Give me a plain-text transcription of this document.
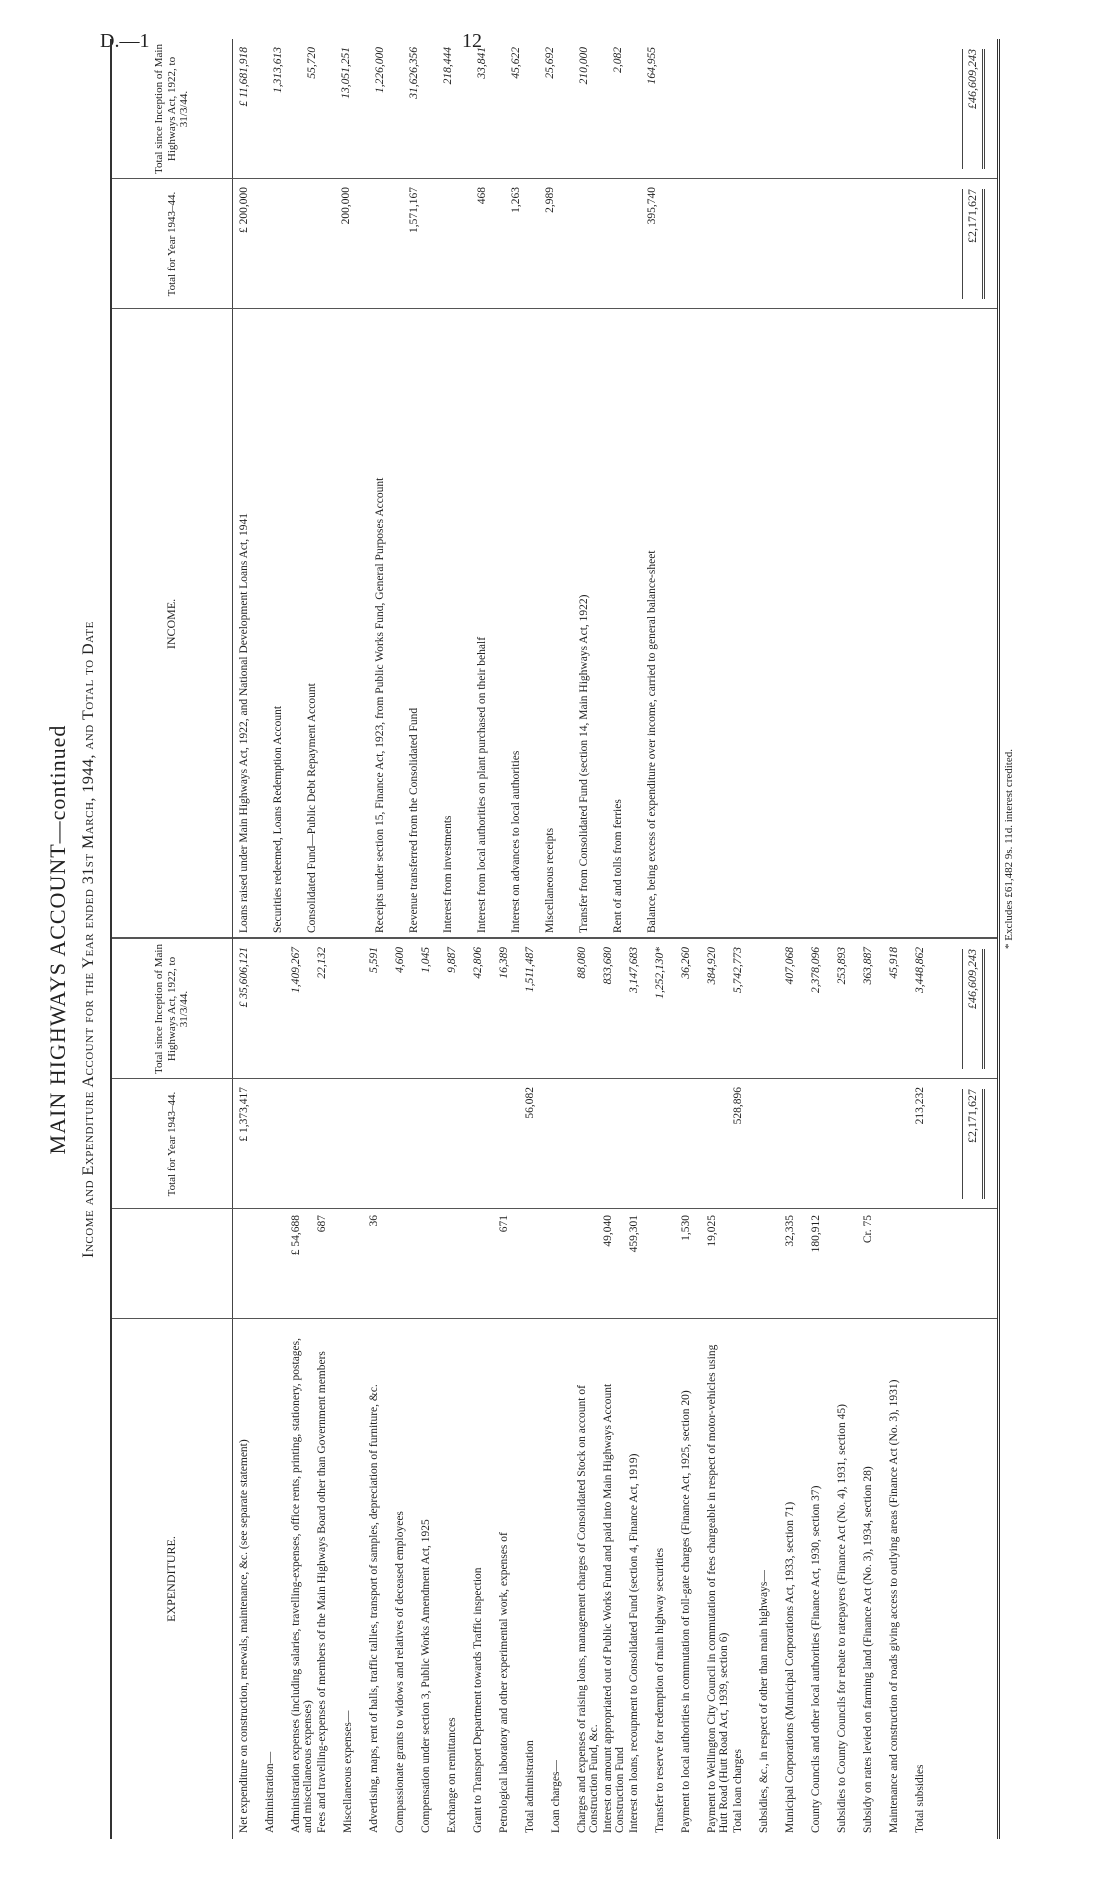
D.—1	12
MAIN HIGHWAYS ACCOUNT—continued Income and Expenditure Account for the Year ended 31st March, 1944, and Total to Date
EXPENDITURE.
Total for Year 1943–44.
Total since Inception of Main Highways Act, 1922, to 31/3/44.
Net expenditure on construction, renewals, maintenance, &c. (see separate statement)
£ 1,373,417
£ 35,606,121
Administration— Administration expenses (including salaries, travelling-expenses, office rents, printing, stationery, postages, and miscellaneous expenses)
£ 54,688
1,409,267
Fees and travelling-expenses of members of the Main Highways Board other than Government members
687
22,132
Miscellaneous expenses— Advertising, maps, rent of halls, traffic tallies, transport of samples, depreciation of furniture, &c.
36
5,591
Compassionate grants to widows and relatives of deceased employees
4,600
Compensation under section 3, Public Works Amendment Act, 1925
1,045
Exchange on remittances
9,887
Grant to Transport Department towards Traffic inspection
42,806
Petrological laboratory and other experimental work, expenses of
671
16,389
Total administration
56,082
1,511,487
Loan charges— Charges and expenses of raising loans, management charges of Consolidated Stock on account of Construction Fund, &c.
88,080
Interest on amount appropriated out of Public Works Fund and paid into Main Highways Account Construction Fund
49,040
833,680
Interest on loans, recoupment to Consolidated Fund (section 4, Finance Act, 1919)
459,301
3,147,683
Transfer to reserve for redemption of main highway securities
1,252,130*
Payment to local authorities in commutation of toll-gate charges (Finance Act, 1925, section 20)
1,530
36,260
Payment to Wellington City Council in commutation of fees chargeable in respect of motor-vehicles using Hutt Road (Hutt Road Act, 1939, section 6)
19,025
384,920
Total loan charges
528,896
5,742,773
Subsidies, &c., in respect of other than main highways— Municipal Corporations (Municipal Corporations Act, 1933, section 71)
32,335
407,068
County Councils and other local authorities (Finance Act, 1930, section 37)
180,912
2,378,096
Subsidies to County Councils for rebate to ratepayers (Finance Act (No. 4), 1931, section 45)
253,893
Subsidy on rates levied on farming land (Finance Act (No. 3), 1934, section 28)
Cr. 75
363,887
Maintenance and construction of roads giving access to outlying areas (Finance Act (No. 3), 1931)
45,918
Total subsidies
213,232
3,448,862
£2,171,627
£46,609,243
INCOME.
Total for Year 1943–44.
Total since Inception of Main Highways Act, 1922, to 31/3/44.
Loans raised under Main Highways Act, 1922, and National Development Loans Act, 1941
£ 200,000
£ 11,681,918
Securities redeemed, Loans Redemption Account
1,313,613
Consolidated Fund—Public Debt Repayment Account
55,720
200,000
13,051,251
Receipts under section 15, Finance Act, 1923, from Public Works Fund, General Purposes Account
1,226,000
Revenue transferred from the Consolidated Fund
1,571,167
31,626,356
Interest from investments
218,444
Interest from local authorities on plant purchased on their behalf
468
33,841
Interest on advances to local authorities
1,263
45,622
Miscellaneous receipts
2,989
25,692
Transfer from Consolidated Fund (section 14, Main Highways Act, 1922)
210,000
Rent of and tolls from ferries
2,082
Balance, being excess of expenditure over income, carried to general balance-sheet
395,740
164,955
£2,171,627
£46,609,243
* Excludes £61,482 9s. 11d. interest credited.
